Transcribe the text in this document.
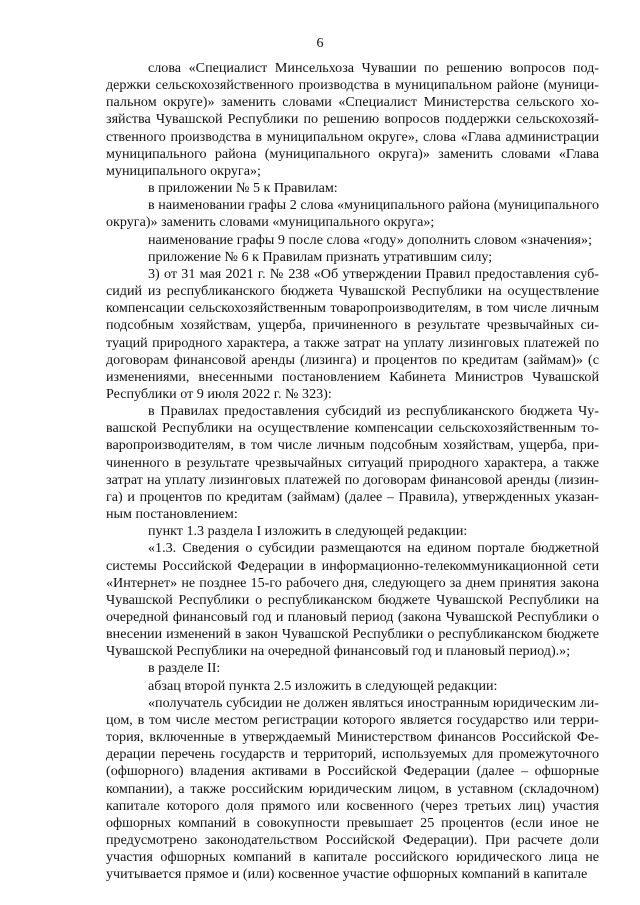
6

слова «Специалист Минсельхоза Чувашии по решению вопросов поддержки сельскохозяйственного производства в муниципальном районе (муниципальном округе)» заменить словами «Специалист Министерства сельского хозяйства Чувашской Республики по решению вопросов поддержки сельскохозяйственного производства в муниципальном округе», слова «Глава администрации муниципального района (муниципального округа)» заменить словами «Глава муниципального округа»;

в приложении № 5 к Правилам:

в наименовании графы 2 слова «муниципального района (муниципального округа)» заменить словами «муниципального округа»;

наименование графы 9 после слова «году» дополнить словом «значения»;

приложение № 6 к Правилам признать утратившим силу;

3) от 31 мая 2021 г. № 238 «Об утверждении Правил предоставления субсидий из республиканского бюджета Чувашской Республики на осуществление компенсации сельскохозяйственным товаропроизводителям, в том числе личным подсобным хозяйствам, ущерба, причиненного в результате чрезвычайных ситуаций природного характера, а также затрат на уплату лизинговых платежей по договорам финансовой аренды (лизинга) и процентов по кредитам (займам)» (с изменениями, внесенными постановлением Кабинета Министров Чувашской Республики от 9 июля 2022 г. № 323):

в Правилах предоставления субсидий из республиканского бюджета Чувашской Республики на осуществление компенсации сельскохозяйственным товаропроизводителям, в том числе личным подсобным хозяйствам, ущерба, причиненного в результате чрезвычайных ситуаций природного характера, а также затрат на уплату лизинговых платежей по договорам финансовой аренды (лизинга) и процентов по кредитам (займам) (далее – Правила), утвержденных указанным постановлением:

пункт 1.3 раздела I изложить в следующей редакции:

«1.3. Сведения о субсидии размещаются на едином портале бюджетной системы Российской Федерации в информационно-телекоммуникационной сети «Интернет» не позднее 15-го рабочего дня, следующего за днем принятия закона Чувашской Республики о республиканском бюджете Чувашской Республики на очередной финансовый год и плановый период (закона Чувашской Республики о внесении изменений в закон Чувашской Республики о республиканском бюджете Чувашской Республики на очередной финансовый год и плановый период).»;

в разделе II:

абзац второй пункта 2.5 изложить в следующей редакции:

«получатель субсидии не должен являться иностранным юридическим лицом, в том числе местом регистрации которого является государство или территория, включенные в утверждаемый Министерством финансов Российской Федерации перечень государств и территорий, используемых для промежуточного (офшорного) владения активами в Российской Федерации (далее – офшорные компании), а также российским юридическим лицом, в уставном (складочном) капитале которого доля прямого или косвенного (через третьих лиц) участия офшорных компаний в совокупности превышает 25 процентов (если иное не предусмотрено законодательством Российской Федерации). При расчете доли участия офшорных компаний в капитале российского юридического лица не учитывается прямое и (или) косвенное участие офшорных компаний в капитале
